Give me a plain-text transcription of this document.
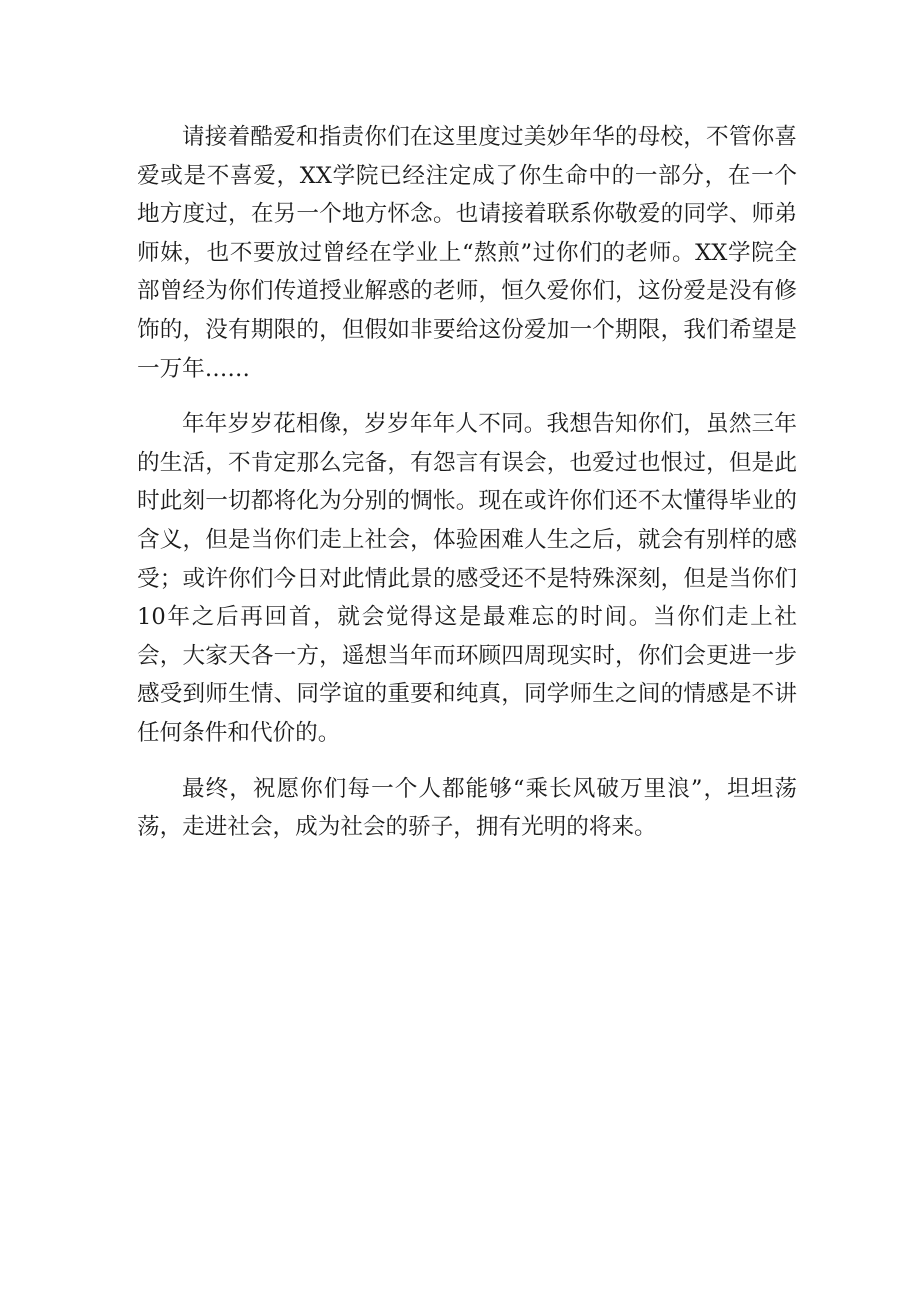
请接着酷爱和指责你们在这里度过美妙年华的母校，不管你喜爱或是不喜爱，XX学院已经注定成了你生命中的一部分，在一个地方度过，在另一个地方怀念。也请接着联系你敬爱的同学、师弟师妹，也不要放过曾经在学业上“熬煎”过你们的老师。XX学院全部曾经为你们传道授业解惑的老师，恒久爱你们，这份爱是没有修饰的，没有期限的，但假如非要给这份爱加一个期限，我们希望是一万年……

年年岁岁花相像，岁岁年年人不同。我想告知你们，虽然三年的生活，不肯定那么完备，有怨言有误会，也爱过也恨过，但是此时此刻一切都将化为分别的惆怅。现在或许你们还不太懂得毕业的含义，但是当你们走上社会，体验困难人生之后，就会有别样的感受；或许你们今日对此情此景的感受还不是特殊深刻，但是当你们10年之后再回首，就会觉得这是最难忘的时间。当你们走上社会，大家天各一方，遥想当年而环顾四周现实时，你们会更进一步感受到师生情、同学谊的重要和纯真，同学师生之间的情感是不讲任何条件和代价的。

最终，祝愿你们每一个人都能够“乘长风破万里浪”，坦坦荡荡，走进社会，成为社会的骄子，拥有光明的将来。
